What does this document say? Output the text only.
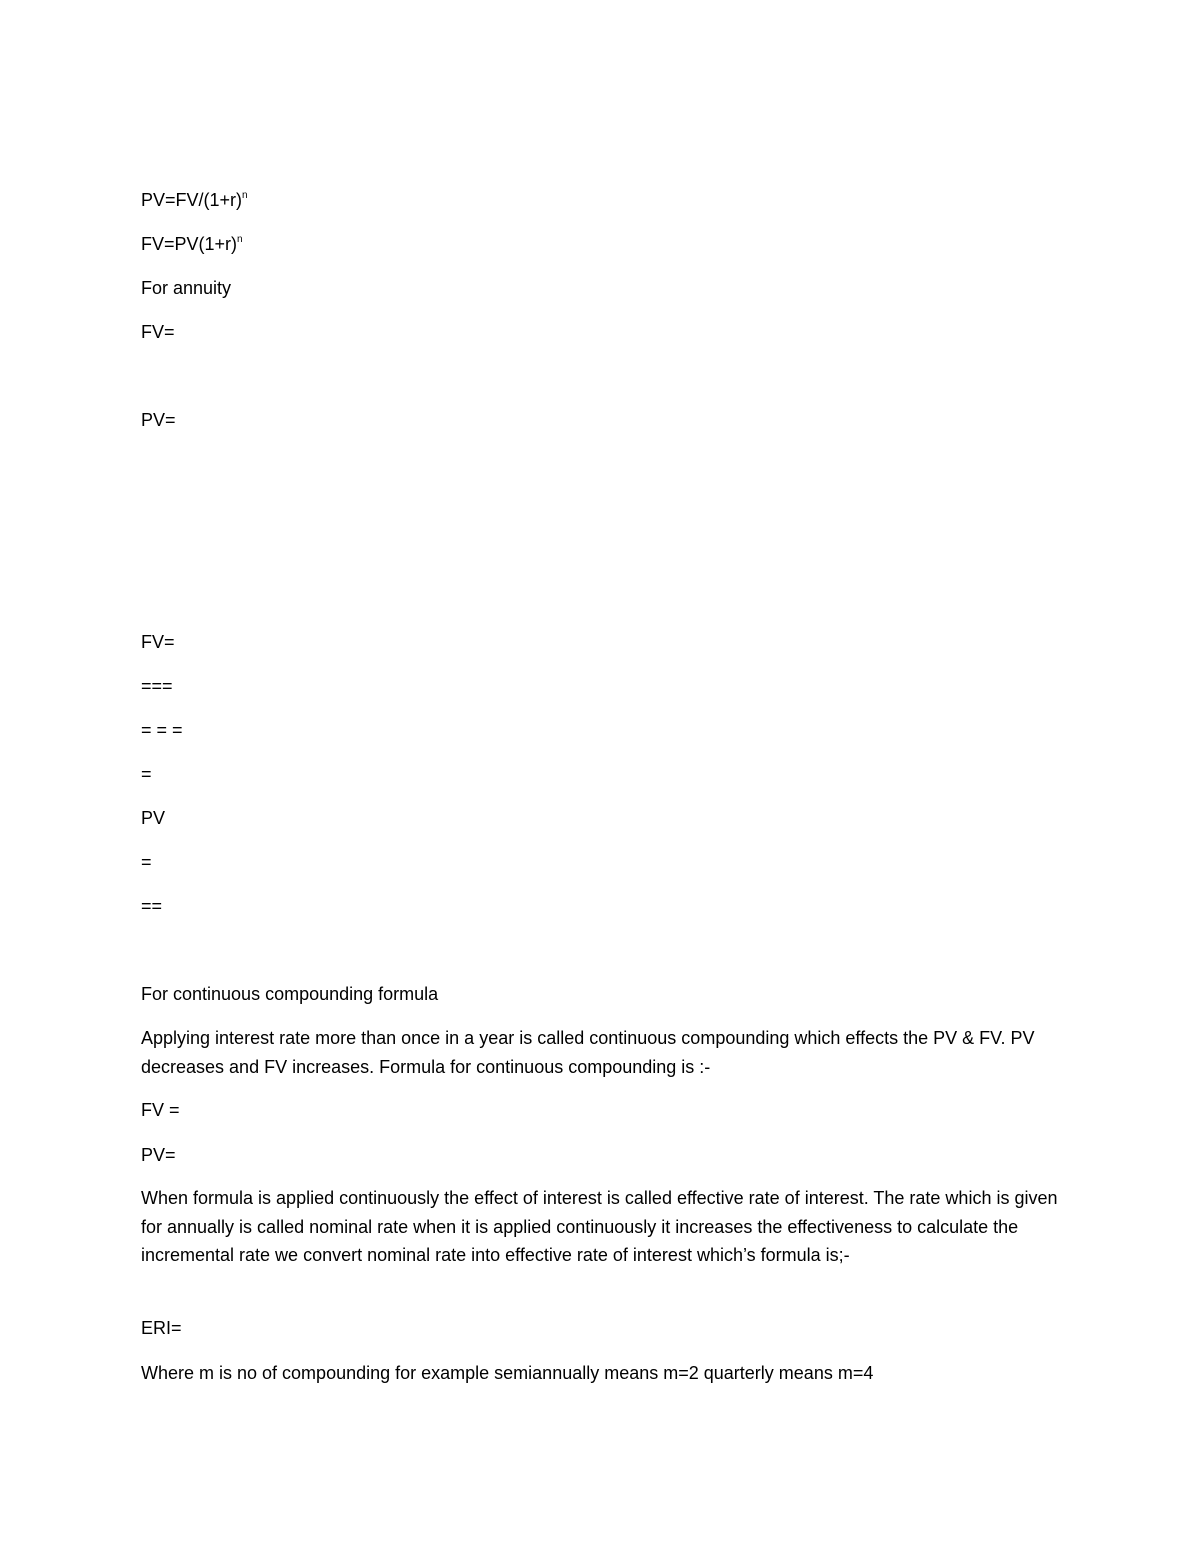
$PV=FV/(1+r)^n$

$FV=PV(1+r)^n$

For annuity

FV=

PV=

FV=

===

= = =

=

PV

=

==

For continuous compounding formula

Applying interest rate more than once in a year is called continuous compounding which effects the PV & FV. PV decreases and FV increases. Formula for continuous compounding is :-

FV =

PV=

When formula is applied continuously the effect of interest is called effective rate of interest. The rate which is given for annually is called nominal rate when it is applied continuously it increases the effectiveness to calculate the incremental rate we convert nominal rate into effective rate of interest which’s formula is;-

ERI=

Where m is no of compounding for example semiannually means m=2 quarterly means m=4
